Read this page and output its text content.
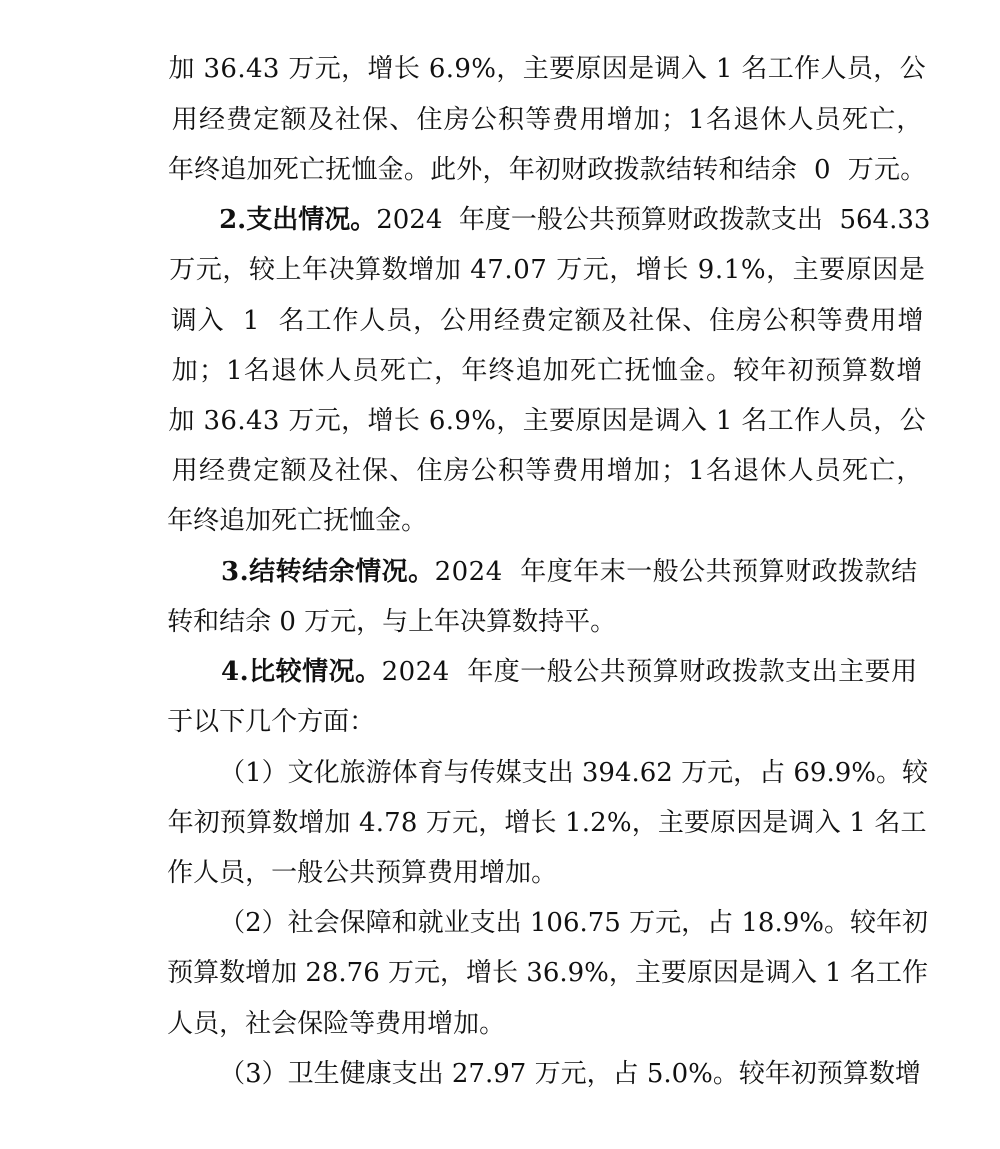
加 36.43 万元，增长 6.9%，主要原因是调入 1 名工作人员，公

用经费定额及社保、住房公积等费用增加；1名退休人员死亡，

年终追加死亡抚恤金。此外，年初财政拨款结转和结余  0  万元。

2.支出情况。2024  年度一般公共预算财政拨款支出  564.33

万元，较上年决算数增加 47.07 万元，增长 9.1%，主要原因是

调入  1  名工作人员，公用经费定额及社保、住房公积等费用增

加；1名退休人员死亡，年终追加死亡抚恤金。较年初预算数增

加 36.43 万元，增长 6.9%，主要原因是调入 1 名工作人员，公

用经费定额及社保、住房公积等费用增加；1名退休人员死亡，

年终追加死亡抚恤金。

3.结转结余情况。2024  年度年末一般公共预算财政拨款结

转和结余 0 万元，与上年决算数持平。

4.比较情况。2024  年度一般公共预算财政拨款支出主要用

于以下几个方面：

（1）文化旅游体育与传媒支出 394.62 万元，占 69.9%。较

年初预算数增加 4.78 万元，增长 1.2%，主要原因是调入 1 名工

作人员，一般公共预算费用增加。

（2）社会保障和就业支出 106.75 万元，占 18.9%。较年初

预算数增加 28.76 万元，增长 36.9%，主要原因是调入 1 名工作

人员，社会保险等费用增加。

（3）卫生健康支出 27.97 万元，占 5.0%。较年初预算数增
